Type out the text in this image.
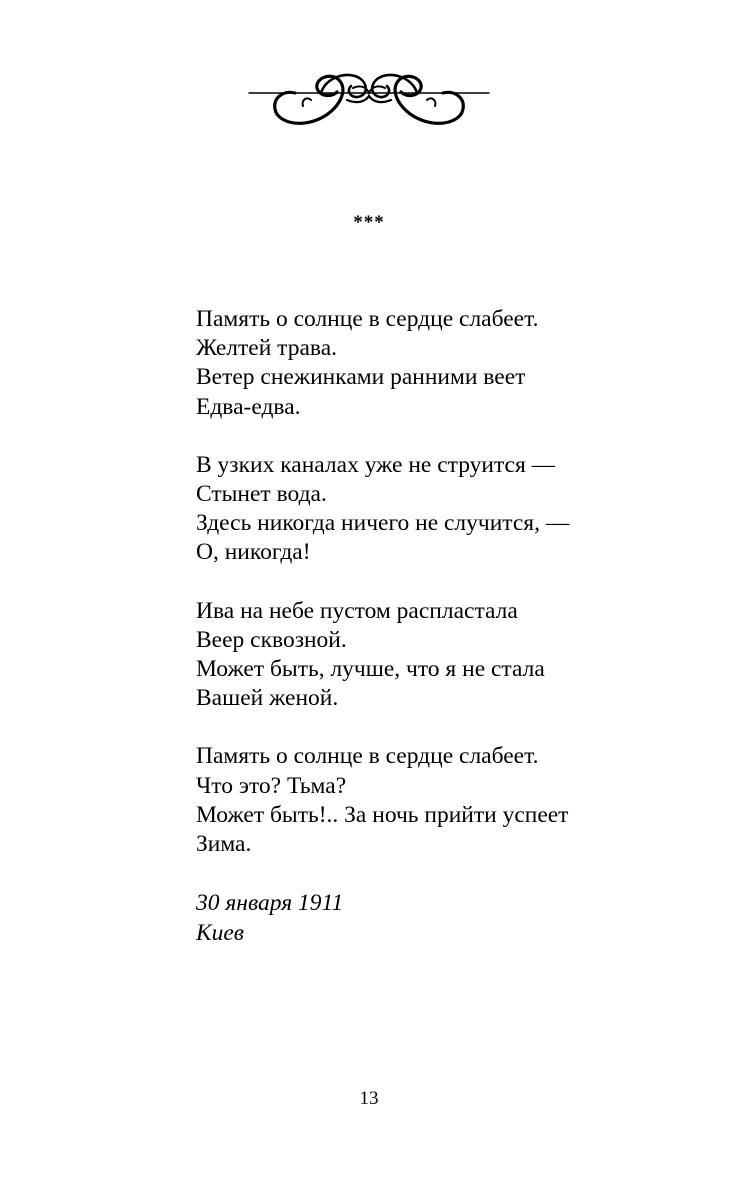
***
Память о солнце в сердце слабеет.
Желтей трава.
Ветер снежинками ранними веет
Едва-едва.
В узких каналах уже не струится —
Стынет вода.
Здесь никогда ничего не случится, —
О, никогда!
Ива на небе пустом распластала
Веер сквозной.
Может быть, лучше, что я не стала
Вашей женой.
Память о солнце в сердце слабеет.
Что это? Тьма?
Может быть!.. За ночь прийти успеет
Зима.
30 января 1911
Киев
13
